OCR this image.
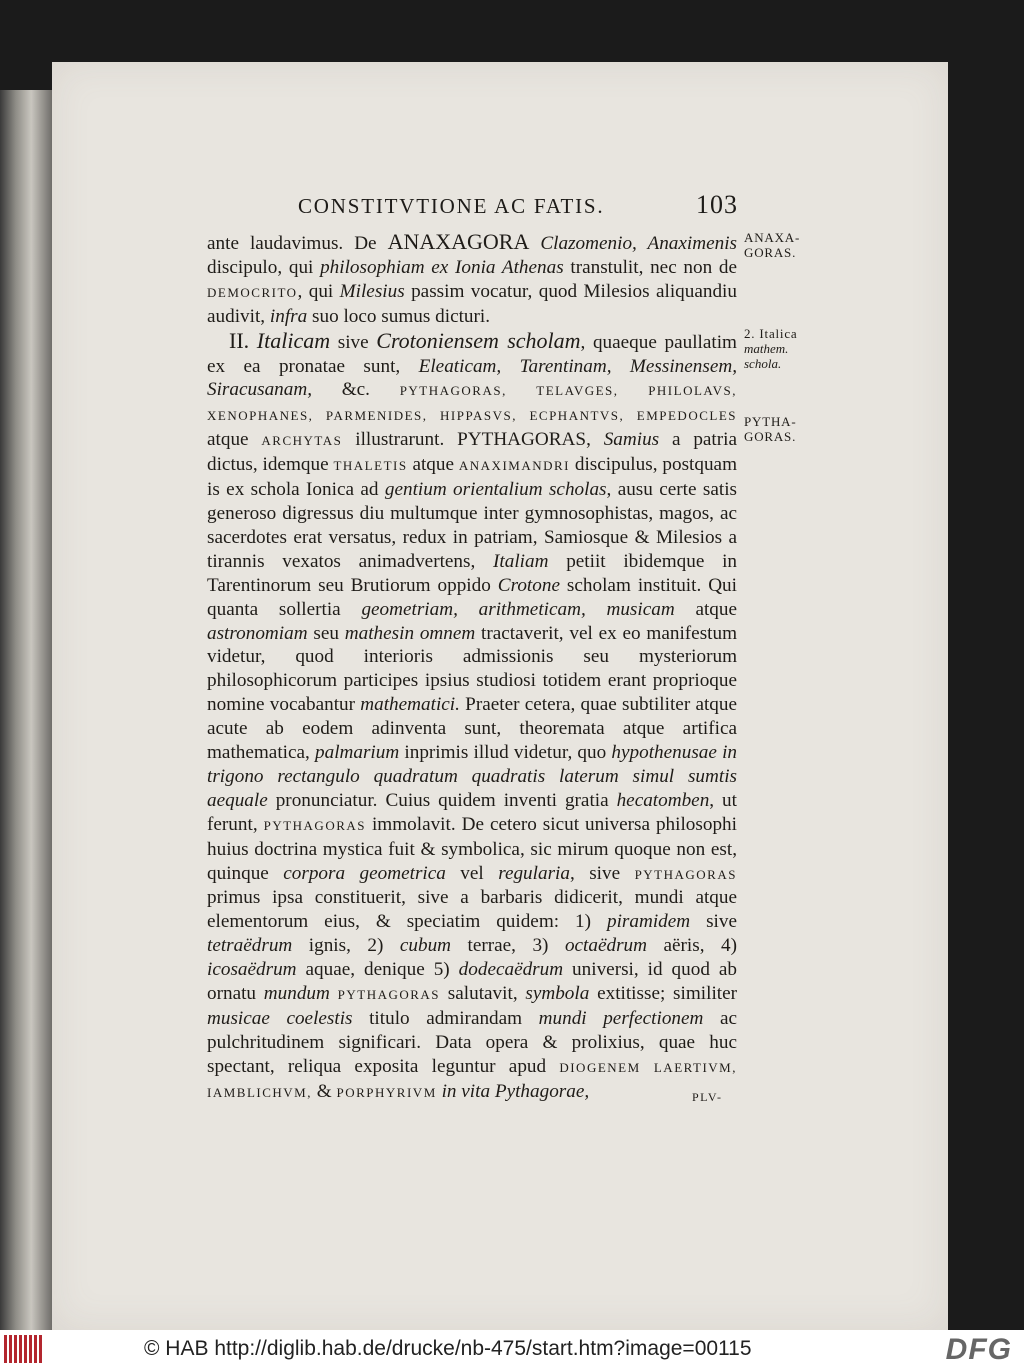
CONSTITVTIONE AC FATIS.	103

ante laudavimus. De ANAXAGORA Clazomenio, Anaximenis discipulo, qui philosophiam ex Ionia Athenas transtulit, nec non de DEMOCRITO, qui Milesius passim vocatur, quod Milesios aliquandiu audivit, infra suo loco sumus dicturi.

II. Italicam sive Crotoniensem scholam, quaeque paullatim ex ea pronatae sunt, Eleaticam, Tarentinam, Messinensem, Siracusanam, &c. PYTHAGORAS, TELAVGES, PHILOLAVS, XENOPHANES, PARMENIDES, HIPPASVS, ECPHANTVS, EMPEDOCLES atque ARCHYTAS illustrarunt. PYTHAGORAS, Samius a patria dictus, idemque THALETIS atque ANAXIMANDRI discipulus, postquam is ex schola Ionica ad gentium orientalium scholas, ausu certe satis generoso digressus diu multumque inter gymnosophistas, magos, ac sacerdotes erat versatus, redux in patriam, Samiosque & Milesios a tirannis vexatos animadvertens, Italiam petiit ibidemque in Tarentinorum seu Brutiorum oppido Crotone scholam instituit. Qui quanta sollertia geometriam, arithmeticam, musicam atque astronomiam seu mathesin omnem tractaverit, vel ex eo manifestum videtur, quod interioris admissionis seu mysteriorum philosophicorum participes ipsius studiosi totidem erant proprioque nomine vocabantur mathematici. Praeter cetera, quae subtiliter atque acute ab eodem adinventa sunt, theoremata atque artifica mathematica, palmarium inprimis illud videtur, quo hypothenusae in trigono rectangulo quadratum quadratis laterum simul sumtis aequale pronunciatur. Cuius quidem inventi gratia hecatomben, ut ferunt, PYTHAGORAS immolavit. De cetero sicut universa philosophi huius doctrina mystica fuit & symbolica, sic mirum quoque non est, quinque corpora geometrica vel regularia, sive PYTHAGORAS primus ipsa constituerit, sive a barbaris didicerit, mundi atque elementorum eius, & speciatim quidem: 1) piramidem sive tetraëdrum ignis, 2) cubum terrae, 3) octaëdrum aëris, 4) icosaëdrum aquae, denique 5) dodecaëdrum universi, id quod ab ornatu mundum PYTHAGORAS salutavit, symbola extitisse; similiter musicae coelestis titulo admirandam mundi perfectionem ac pulchritudinem significari. Data opera & prolixius, quae huc spectant, reliqua exposita leguntur apud DIOGENEM LAERTIVM, IAMBLICHVM, & PORPHYRIVM in vita Pythagorae,	PLV-
ANAXA-
GORAS.
2. Italica
mathem.
schola.
PYTHA-
GORAS.
© HAB http://diglib.hab.de/drucke/nb-475/start.htm?image=00115	DFG
